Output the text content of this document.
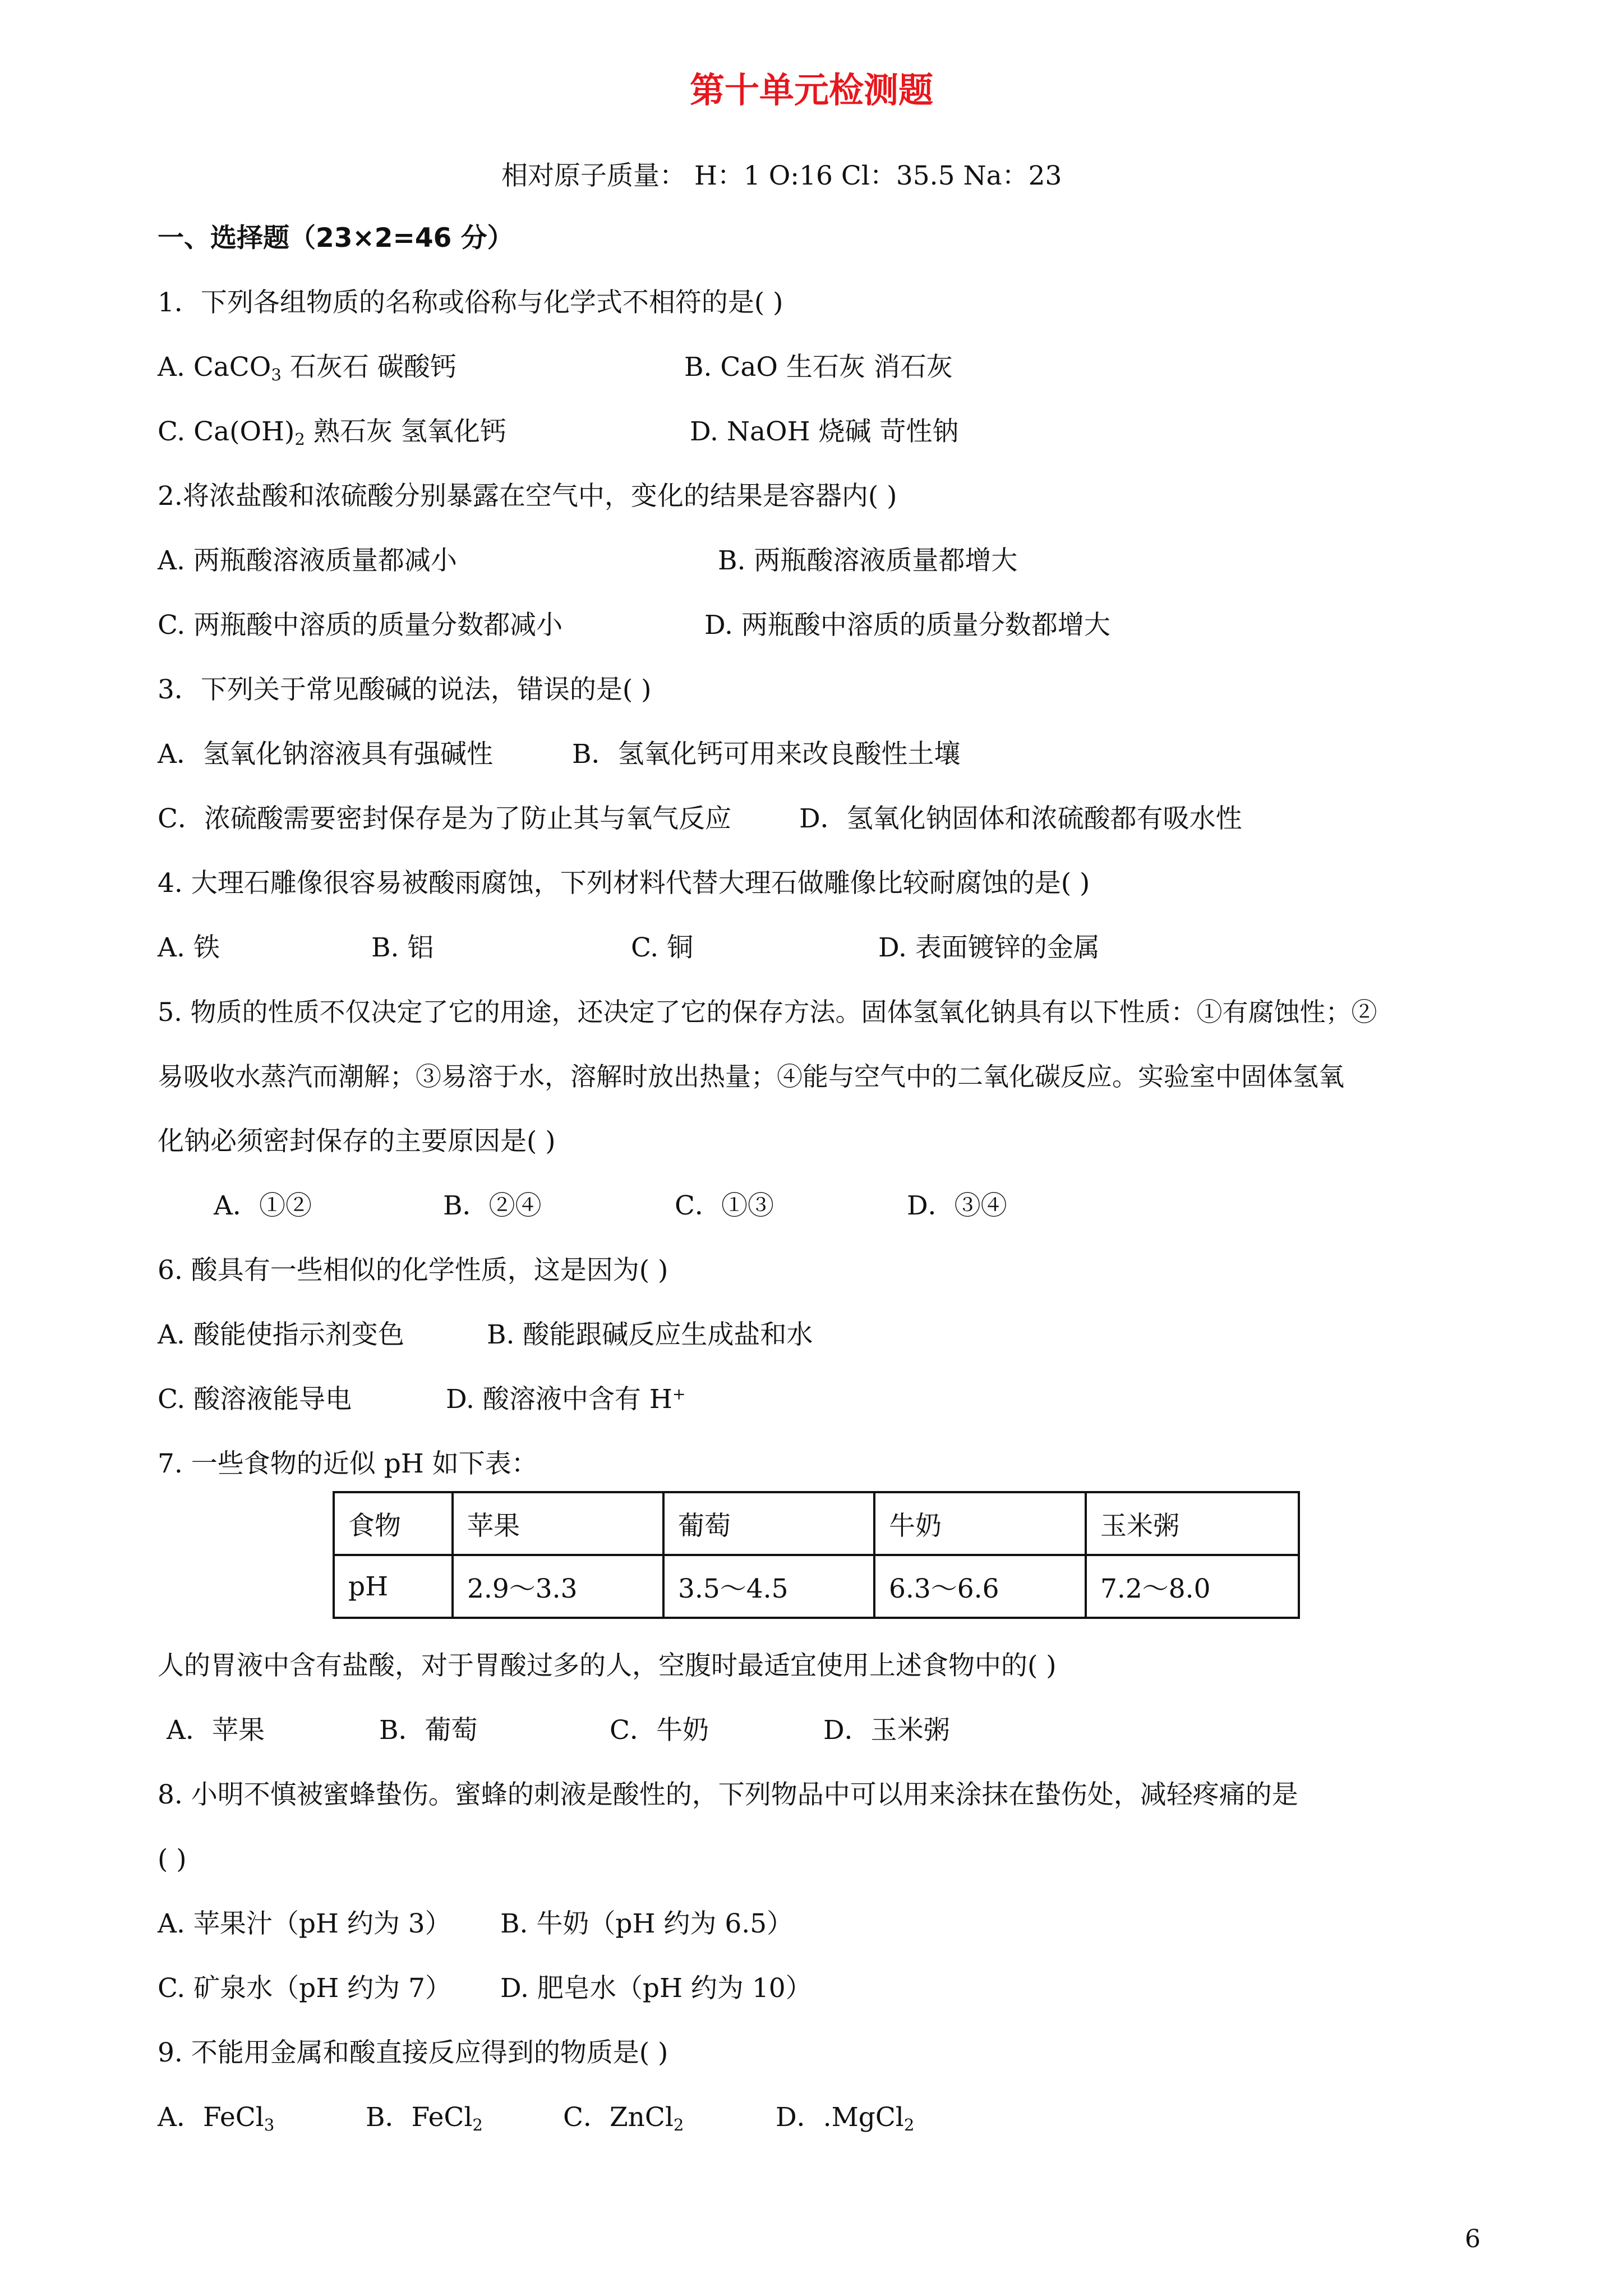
第十单元检测题
相对原子质量： H：1 O:16 Cl：35.5 Na：23
一、选择题（23×2=46 分）
1．下列各组物质的名称或俗称与化学式不相符的是( )
A. CaCO$_3$ 石灰石 碳酸钙	B. CaO 生石灰 消石灰
C. $Ca(OH)_2$ 熟石灰 氢氧化钙	D. NaOH 烧碱 苛性钠
2.将浓盐酸和浓硫酸分别暴露在空气中，变化的结果是容器内( )
A. 两瓶酸溶液质量都减小	B. 两瓶酸溶液质量都增大
C. 两瓶酸中溶质的质量分数都减小	D. 两瓶酸中溶质的质量分数都增大
3．下列关于常见酸碱的说法，错误的是( )
A．氢氧化钠溶液具有强碱性	B．氢氧化钙可用来改良酸性土壤
C．浓硫酸需要密封保存是为了防止其与氧气反应	D．氢氧化钠固体和浓硫酸都有吸水性
4. 大理石雕像很容易被酸雨腐蚀，下列材料代替大理石做雕像比较耐腐蚀的是( )
A. 铁	B. 铝	C. 铜	D. 表面镀锌的金属
5. 物质的性质不仅决定了它的用途，还决定了它的保存方法。固体氢氧化钠具有以下性质：①有腐蚀性；②
易吸收水蒸汽而潮解；③易溶于水，溶解时放出热量；④能与空气中的二氧化碳反应。实验室中固体氢氧
化钠必须密封保存的主要原因是( )
A．①②	B．②④	C．①③	D．③④
6. 酸具有一些相似的化学性质，这是因为( )
A. 酸能使指示剂变色	B. 酸能跟碱反应生成盐和水
C. 酸溶液能导电	D. 酸溶液中含有 H+
7. 一些食物的近似 pH 如下表：
食物	苹果	葡萄	牛奶	玉米粥
pH	2.9～3.3	3.5～4.5	6.3～6.6	7.2～8.0
人的胃液中含有盐酸，对于胃酸过多的人，空腹时最适宜使用上述食物中的( )
A．苹果	B．葡萄	C．牛奶	D．玉米粥
8. 小明不慎被蜜蜂蛰伤。蜜蜂的刺液是酸性的，下列物品中可以用来涂抹在蛰伤处，减轻疼痛的是
( )
A. 苹果汁（pH 约为 3） B. 牛奶（pH 约为 6.5）
C. 矿泉水（pH 约为 7） D. 肥皂水（pH 约为 10）
9. 不能用金属和酸直接反应得到的物质是( )
A．FeCl$_3$	B．FeCl$_2$	C．ZnCl$_2$	D．.MgCl$_2$
6
